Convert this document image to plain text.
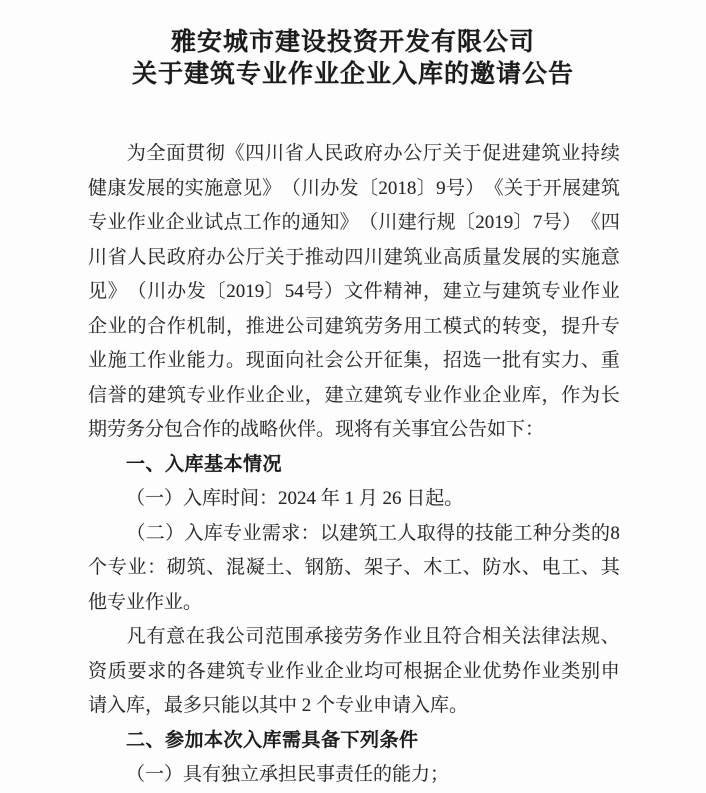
雅安城市建设投资开发有限公司
关于建筑专业作业企业入库的邀请公告
为 全 面 贯 彻 《 四 川 省 人 民 政 府 办 公 厅 关 于 促 进 建 筑 业 持 续
健 康 发 展 的 实 施 意 见 》 （ 川 办 发 〔 2018 〕 9 号 ） 《 关 于 开 展 建 筑
专 业 作 业 企 业 试 点 工 作 的 通 知 》 （ 川 建 行 规 〔 2019 〕 7 号 ） 《 四
川 省 人 民 政 府 办 公 厅 关 于 推 动 四 川 建 筑 业 高 质 量 发 展 的 实 施 意
见 》 （ 川 办 发 〔 2019 〕 54 号 ） 文 件 精 神 ， 建 立 与 建 筑 专 业 作 业
企 业 的 合 作 机 制 ， 推 进 公 司 建 筑 劳 务 用 工 模 式 的 转 变 ， 提 升 专
业 施 工 作 业 能 力 。 现 面 向 社 会 公 开 征 集 ， 招 选 一 批 有 实 力 、 重
信 誉 的 建 筑 专 业 作 业 企 业 ， 建 立 建 筑 专 业 作 业 企 业 库 ， 作 为 长
期劳务分包合作的战略伙伴。现将有关事宜公告如下：
一、入库基本情况
（一）入库时间：2024 年 1 月 26 日起。
（ 二 ） 入 库 专 业 需 求 ： 以 建 筑 工 人 取 得 的 技 能 工 种 分 类 的 8
个 专 业 ： 砌 筑 、 混 凝 土 、 钢 筋 、 架 子 、 木 工 、 防 水 、 电 工 、 其
他专业作业。
凡 有 意 在 我 公 司 范 围 承 接 劳 务 作 业 且 符 合 相 关 法 律 法 规 、
资 质 要 求 的 各 建 筑 专 业 作 业 企 业 均 可 根 据 企 业 优 势 作 业 类 别 申
请入库，最多只能以其中 2 个专业申请入库。
二、参加本次入库需具备下列条件
（一）具有独立承担民事责任的能力；
